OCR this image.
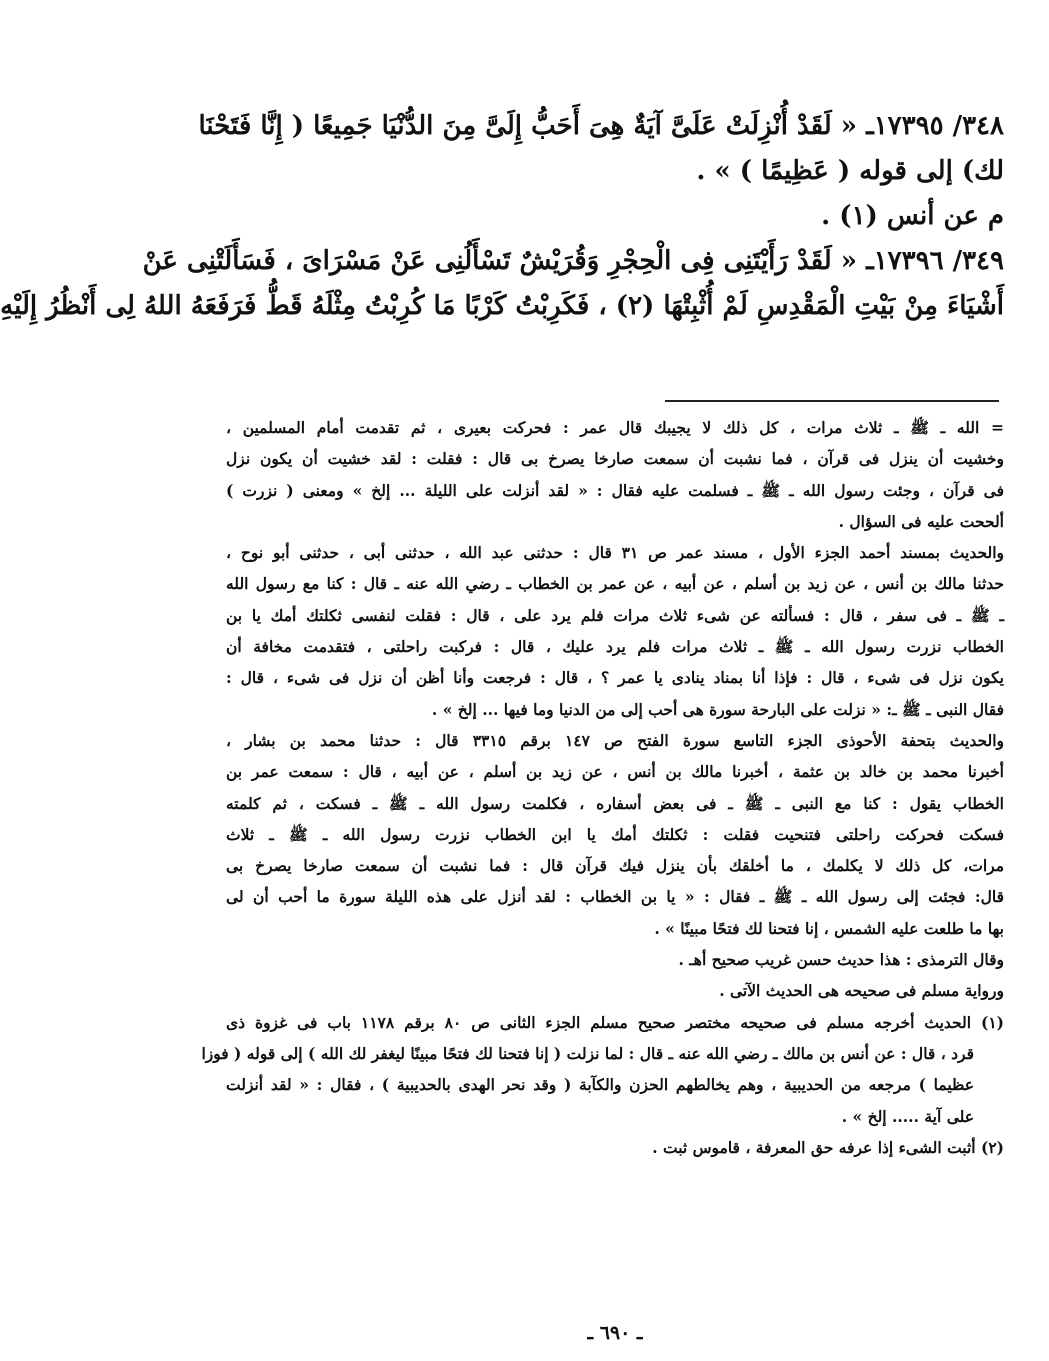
٣٤٨/ ١٧٣٩٥ـ « لَقَدْ أُنْزِلَتْ عَلَىَّ آيَةٌ هِىَ أَحَبُّ إِلَىَّ مِنَ الدُّنْيَا جَمِيعًا ( إِنَّا فَتَحْنَا
لك) إلى قوله ( عَظِيمًا ) » .
م عن أنس (١) .
٣٤٩/ ١٧٣٩٦ـ « لَقَدْ رَأَيْتَنِى فِى الْحِجْرِ وَقُرَيْشٌ تَسْأَلُنِى عَنْ مَسْرَاىَ ، فَسَأَلَتْنِى عَنْ
أَشْيَاءَ مِنْ بَيْتِ الْمَقْدِسِ لَمْ أُثْبِتْهَا (٢) ، فَكَرِبْتُ كَرْبًا مَا كُرِبْتُ مِثْلَهُ قَطُّ فَرَفَعَهُ اللهُ لِى أَنْظُرُ إِلَيْهِ
= الله ـ ﷺ ـ ثلاث مرات ، كل ذلك لا يجيبك قال عمر : فحركت بعيرى ، ثم تقدمت أمام المسلمين ،
وخشيت أن ينزل فى قرآن ، فما نشبت أن سمعت صارخا يصرخ بى قال : فقلت : لقد خشيت أن يكون نزل
فى قرآن ، وجئت رسول الله ـ ﷺ ـ فسلمت عليه فقال : « لقد أنزلت على الليلة ... إلخ » ومعنى ( نزرت )
ألححت عليه فى السؤال .
والحديث بمسند أحمد الجزء الأول ، مسند عمر ص ٣١ قال : حدثنى عبد الله ، حدثنى أبى ، حدثنى أبو نوح ،
حدثنا مالك بن أنس ، عن زيد بن أسلم ، عن أبيه ، عن عمر بن الخطاب ـ رضي الله عنه ـ قال : كنا مع رسول الله
ـ ﷺ ـ فى سفر ، قال : فسألته عن شىء ثلاث مرات فلم يرد على ، قال : فقلت لنفسى ثكلتك أمك يا بن
الخطاب نزرت رسول الله ـ ﷺ ـ ثلاث مرات فلم يرد عليك ، قال : فركبت راحلتى ، فتقدمت مخافة أن
يكون نزل فى شىء ، قال : فإذا أنا بمناد ينادى يا عمر ؟ ، قال : فرجعت وأنا أظن أن نزل فى شىء ، قال :
فقال النبى ـ ﷺ ـ: « نزلت على البارحة سورة هى أحب إلى من الدنيا وما فيها ... إلخ » .
والحديث بتحفة الأحوذى الجزء التاسع سورة الفتح ص ١٤٧ برقم ٣٣١٥ قال : حدثنا محمد بن بشار ،
أخبرنا محمد بن خالد بن عثمة ، أخبرنا مالك بن أنس ، عن زيد بن أسلم ، عن أبيه ، قال : سمعت عمر بن
الخطاب يقول : كنا مع النبى ـ ﷺ ـ فى بعض أسفاره ، فكلمت رسول الله ـ ﷺ ـ فسكت ، ثم كلمته
فسكت فحركت راحلتى فتنحيت فقلت : ثكلتك أمك يا ابن الخطاب نزرت رسول الله ـ ﷺ ـ ثلاث
مرات، كل ذلك لا يكلمك ، ما أخلقك بأن ينزل فيك قرآن قال : فما نشبت أن سمعت صارخا يصرخ بى
قال: فجئت إلى رسول الله ـ ﷺ ـ فقال : « يا بن الخطاب : لقد أنزل على هذه الليلة سورة ما أحب أن لى
بها ما طلعت عليه الشمس ، إنا فتحنا لك فتحًا مبينًا » .
وقال الترمذى : هذا حديث حسن غريب صحيح أهـ .
ورواية مسلم فى صحيحه هى الحديث الآتى .
(١) الحديث أخرجه مسلم فى صحيحه مختصر صحيح مسلم الجزء الثانى ص ٨٠ برقم ١١٧٨ باب فى غزوة ذى
قرد ، قال : عن أنس بن مالك ـ رضي الله عنه ـ قال : لما نزلت ( إنا فتحنا لك فتحًا مبينًا ليغفر لك الله ) إلى قوله ( فوزا
عظيما ) مرجعه من الحديبية ، وهم يخالطهم الحزن والكآبة ( وقد نحر الهدى بالحديبية ) ، فقال : « لقد أنزلت
على آية ..... إلخ » .
(٢) أثبت الشىء إذا عرفه حق المعرفة ، قاموس ثبت .
ـ ٦٩٠ ـ
